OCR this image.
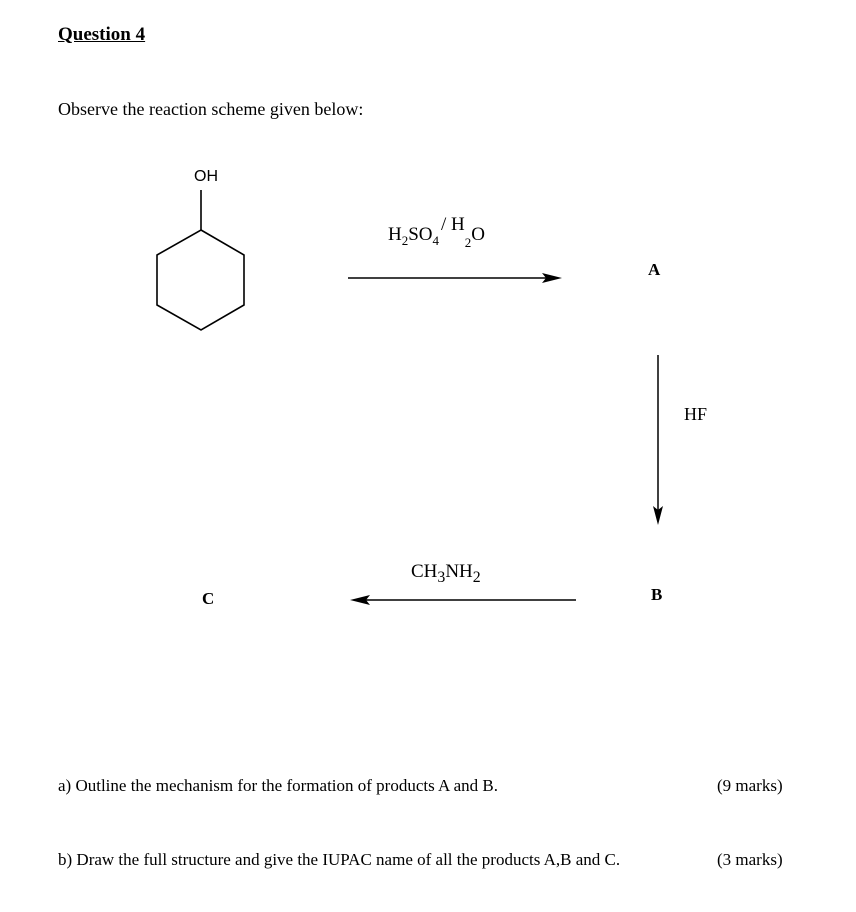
Question 4
Observe the reaction scheme given below:
OH
$H_2SO_4/$ $H_2O$
A
HF
$CH_3NH_2$
B
C
a) Outline the mechanism for the formation of products A and B.	(9 marks)
b) Draw the full structure and give the IUPAC name of all the products A,B and C.	(3 marks)
